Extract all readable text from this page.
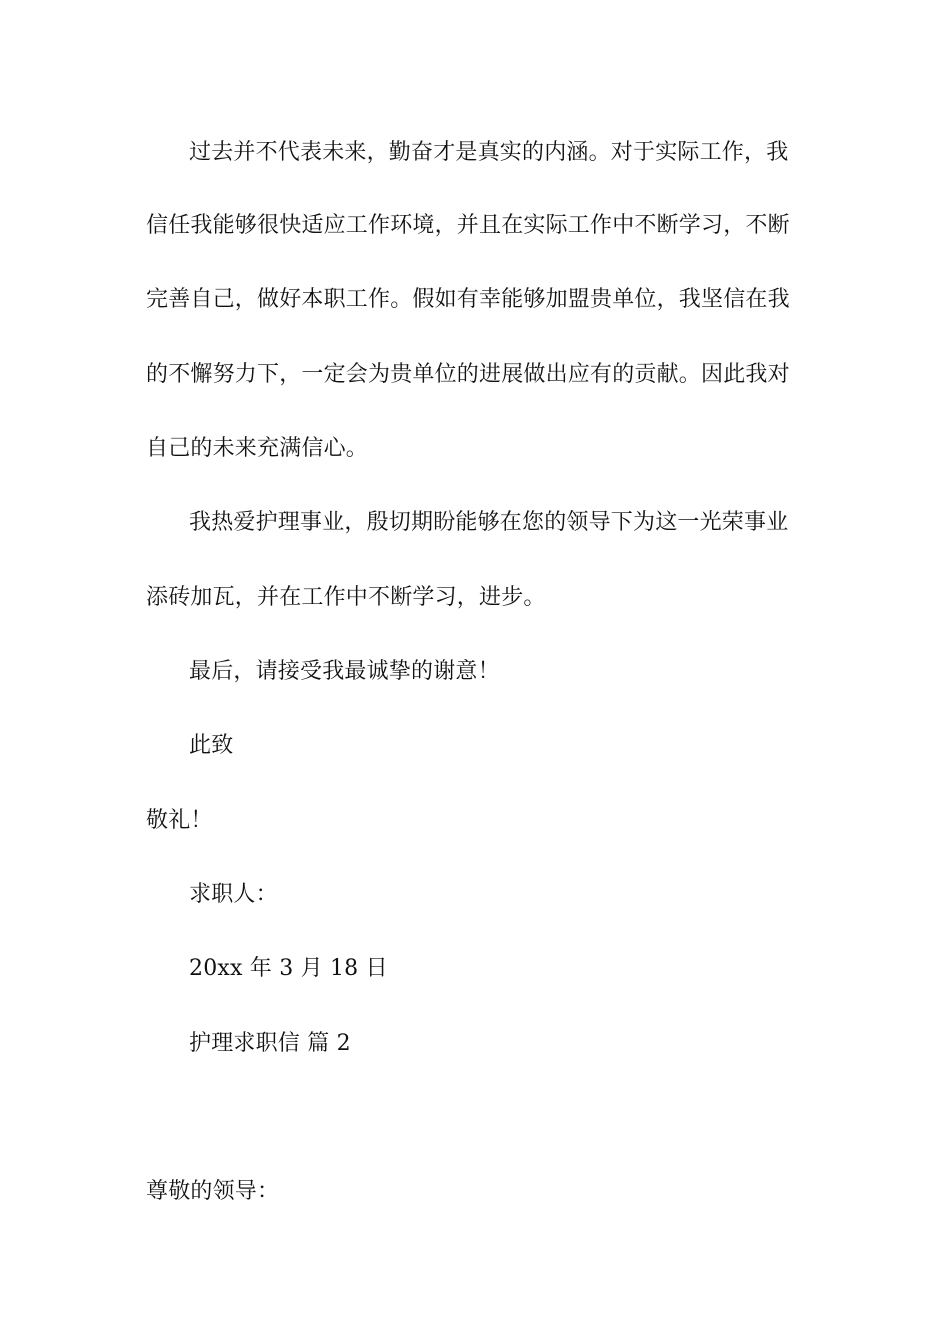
过去并不代表未来，勤奋才是真实的内涵。对于实际工作，我
信任我能够很快适应工作环境，并且在实际工作中不断学习，不断
完善自己，做好本职工作。假如有幸能够加盟贵单位，我坚信在我
的不懈努力下，一定会为贵单位的进展做出应有的贡献。因此我对
自己的未来充满信心。
我热爱护理事业，殷切期盼能够在您的领导下为这一光荣事业
添砖加瓦，并在工作中不断学习，进步。
最后，请接受我最诚挚的谢意！
此致
敬礼！
求职人：
20xx 年 3 月 18 日
护理求职信 篇 2
尊敬的领导：
